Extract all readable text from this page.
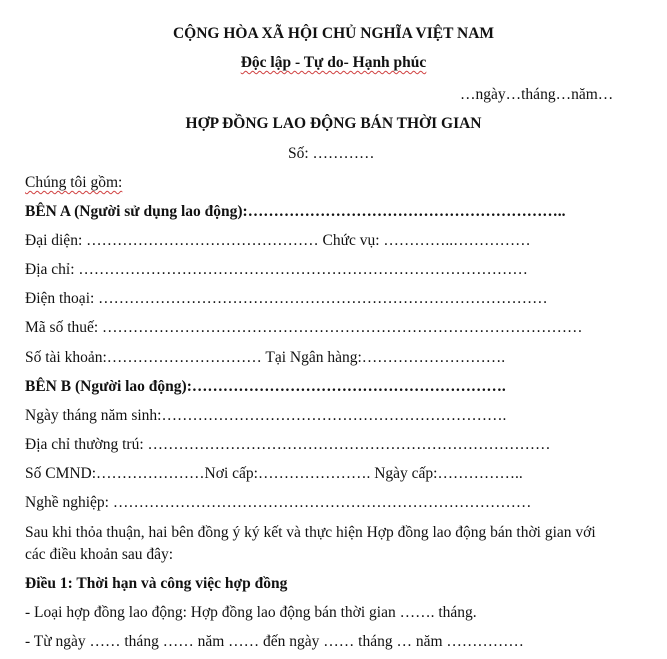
CỘNG HÒA XÃ HỘI CHỦ NGHĨA VIỆT NAM
Độc lập - Tự do- Hạnh phúc
…ngày…tháng…năm…
HỢP ĐỒNG LAO ĐỘNG BÁN THỜI GIAN
Số: …………
Chúng tôi gồm:
BÊN A (Người sử dụng lao động):……………………………………………………..
Đại diện: ……………………………………… Chức vụ: …………..……………
Địa chỉ: ……………………………………………………………………………
Điện thoại: ……………………………………………………………………………
Mã số thuế: …………………………………………………………………………………
Số tài khoản:………………………… Tại Ngân hàng:……………………….
BÊN B (Người lao động):…………………………………………………….
Ngày tháng năm sinh:………………………………………………………….
Địa chỉ thường trú: ……………………………………………………………………
Số CMND:…………………Nơi cấp:…………………. Ngày cấp:……………..
Nghề nghiệp: ………………………………………………………………………
Sau khi thỏa thuận, hai bên đồng ý ký kết và thực hiện Hợp đồng lao động bán thời gian với
các điều khoản sau đây:
Điều 1: Thời hạn và công việc hợp đồng
- Loại hợp đồng lao động: Hợp đồng lao động bán thời gian ……. tháng.
- Từ ngày …… tháng …… năm …… đến ngày …… tháng … năm ……………
